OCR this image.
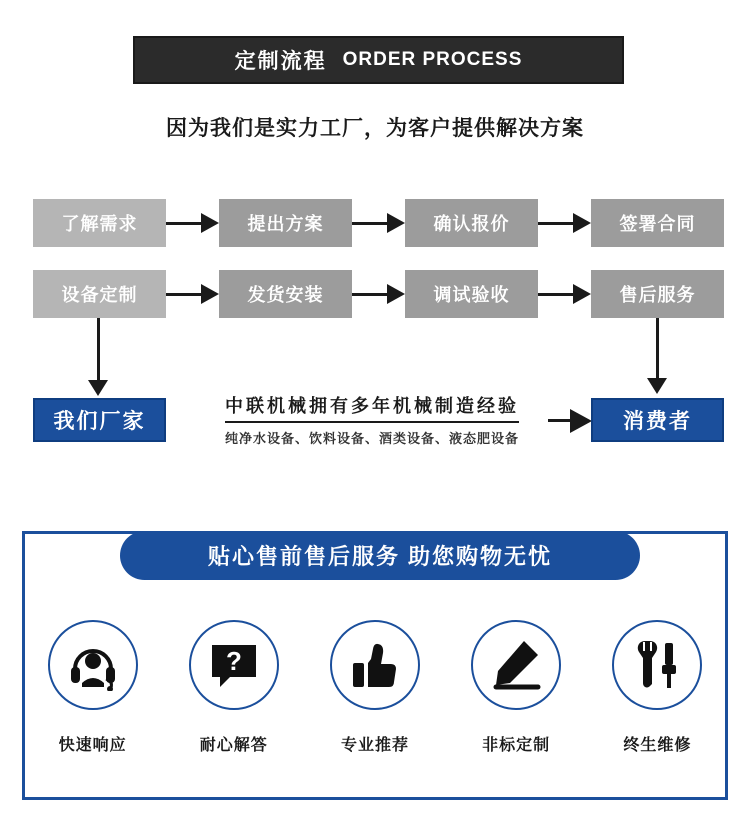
定制流程 ORDER PROCESS
因为我们是实力工厂，为客户提供解决方案
了解需求	提出方案	确认报价	签署合同
设备定制	发货安装	调试验收	售后服务
我们厂家
中联机械拥有多年机械制造经验
纯净水设备、饮料设备、酒类设备、液态肥设备
消费者
贴心售前售后服务 助您购物无忧
快速响应
?
耐心解答	专业推荐	非标定制	终生维修
